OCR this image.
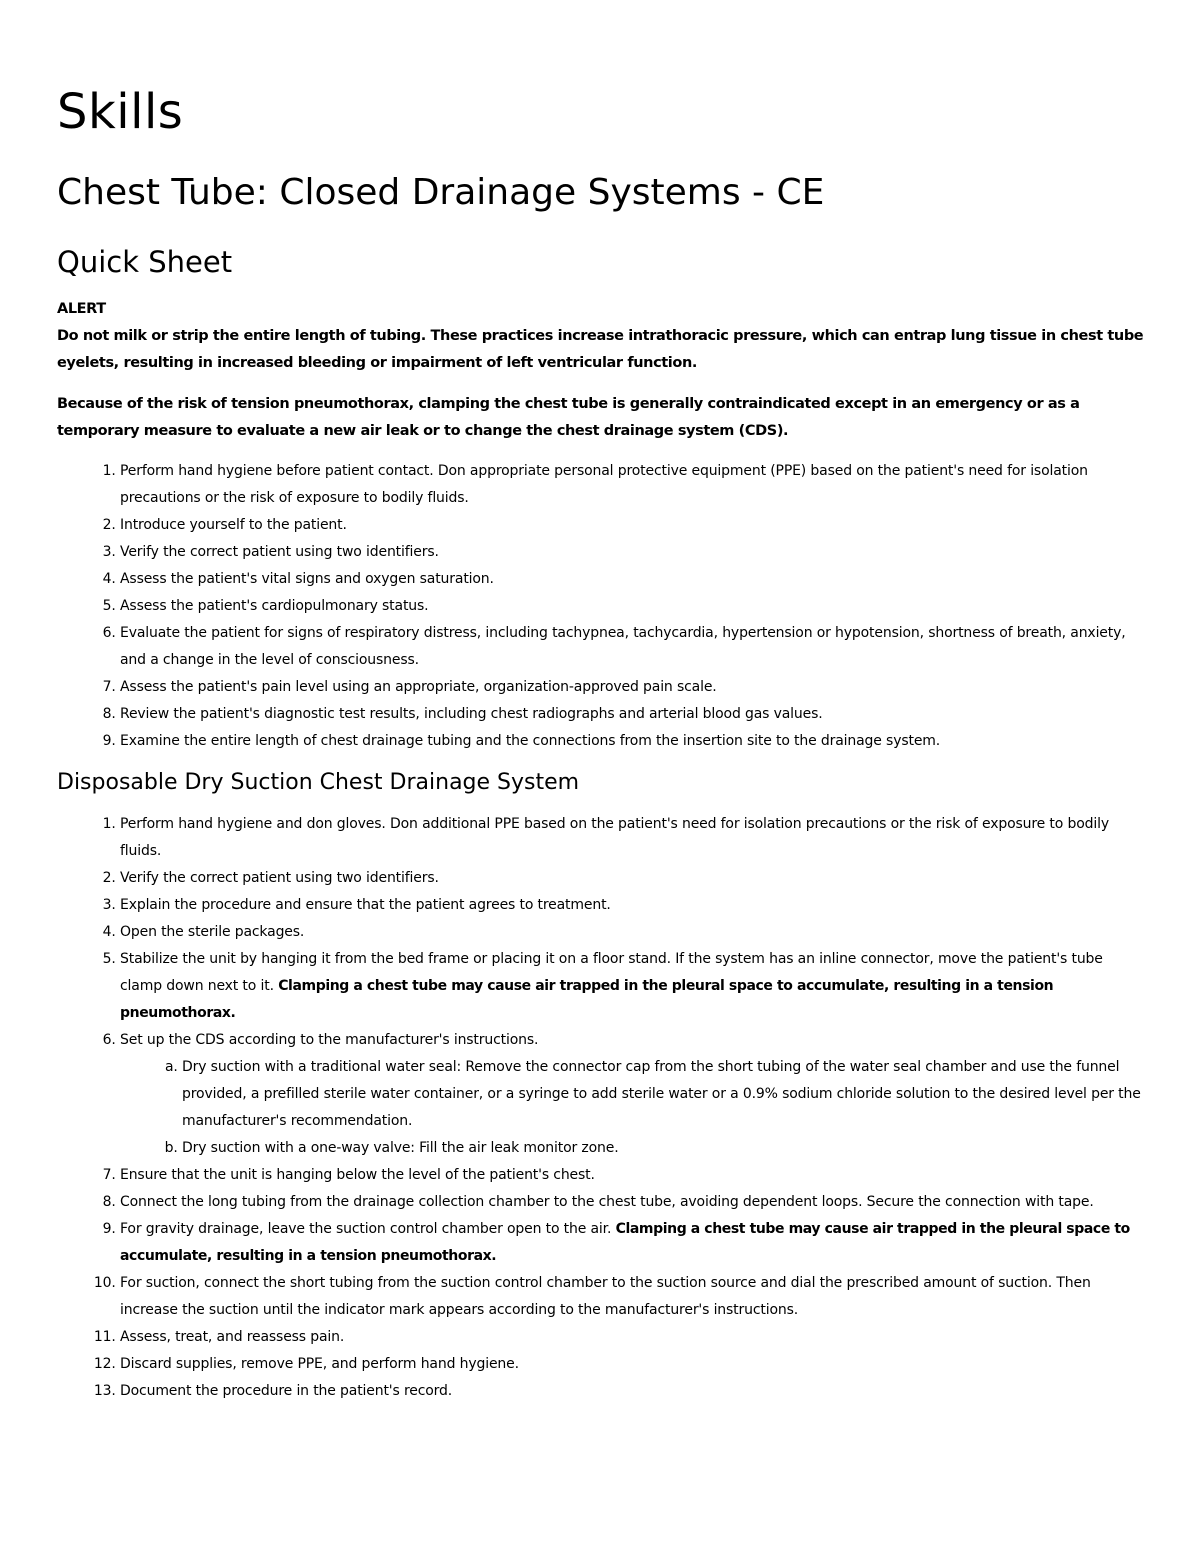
Skills
Chest Tube: Closed Drainage Systems - CE
Quick Sheet

ALERT

Do not milk or strip the entire length of tubing. These practices increase intrathoracic pressure, which can entrap lung tissue in chest tube eyelets, resulting in increased bleeding or impairment of left ventricular function.

Because of the risk of tension pneumothorax, clamping the chest tube is generally contraindicated except in an emergency or as a temporary measure to evaluate a new air leak or to change the chest drainage system (CDS).

1. Perform hand hygiene before patient contact. Don appropriate personal protective equipment (PPE) based on the patient's need for isolation precautions or the risk of exposure to bodily fluids.
2. Introduce yourself to the patient.
3. Verify the correct patient using two identifiers.
4. Assess the patient's vital signs and oxygen saturation.
5. Assess the patient's cardiopulmonary status.
6. Evaluate the patient for signs of respiratory distress, including tachypnea, tachycardia, hypertension or hypotension, shortness of breath, anxiety, and a change in the level of consciousness.
7. Assess the patient's pain level using an appropriate, organization-approved pain scale.
8. Review the patient's diagnostic test results, including chest radiographs and arterial blood gas values.
9. Examine the entire length of chest drainage tubing and the connections from the insertion site to the drainage system.
Disposable Dry Suction Chest Drainage System
1. Perform hand hygiene and don gloves. Don additional PPE based on the patient's need for isolation precautions or the risk of exposure to bodily fluids.
2. Verify the correct patient using two identifiers.
3. Explain the procedure and ensure that the patient agrees to treatment.
4. Open the sterile packages.
5. Stabilize the unit by hanging it from the bed frame or placing it on a floor stand. If the system has an inline connector, move the patient's tube clamp down next to it. Clamping a chest tube may cause air trapped in the pleural space to accumulate, resulting in a tension pneumothorax.
6. Set up the CDS according to the manufacturer's instructions.
a. Dry suction with a traditional water seal: Remove the connector cap from the short tubing of the water seal chamber and use the funnel provided, a prefilled sterile water container, or a syringe to add sterile water or a 0.9% sodium chloride solution to the desired level per the manufacturer's recommendation.
b. Dry suction with a one-way valve: Fill the air leak monitor zone.
7. Ensure that the unit is hanging below the level of the patient's chest.
8. Connect the long tubing from the drainage collection chamber to the chest tube, avoiding dependent loops. Secure the connection with tape.
9. For gravity drainage, leave the suction control chamber open to the air. Clamping a chest tube may cause air trapped in the pleural space to accumulate, resulting in a tension pneumothorax.
10. For suction, connect the short tubing from the suction control chamber to the suction source and dial the prescribed amount of suction. Then increase the suction until the indicator mark appears according to the manufacturer's instructions.
11. Assess, treat, and reassess pain.
12. Discard supplies, remove PPE, and perform hand hygiene.
13. Document the procedure in the patient's record.
